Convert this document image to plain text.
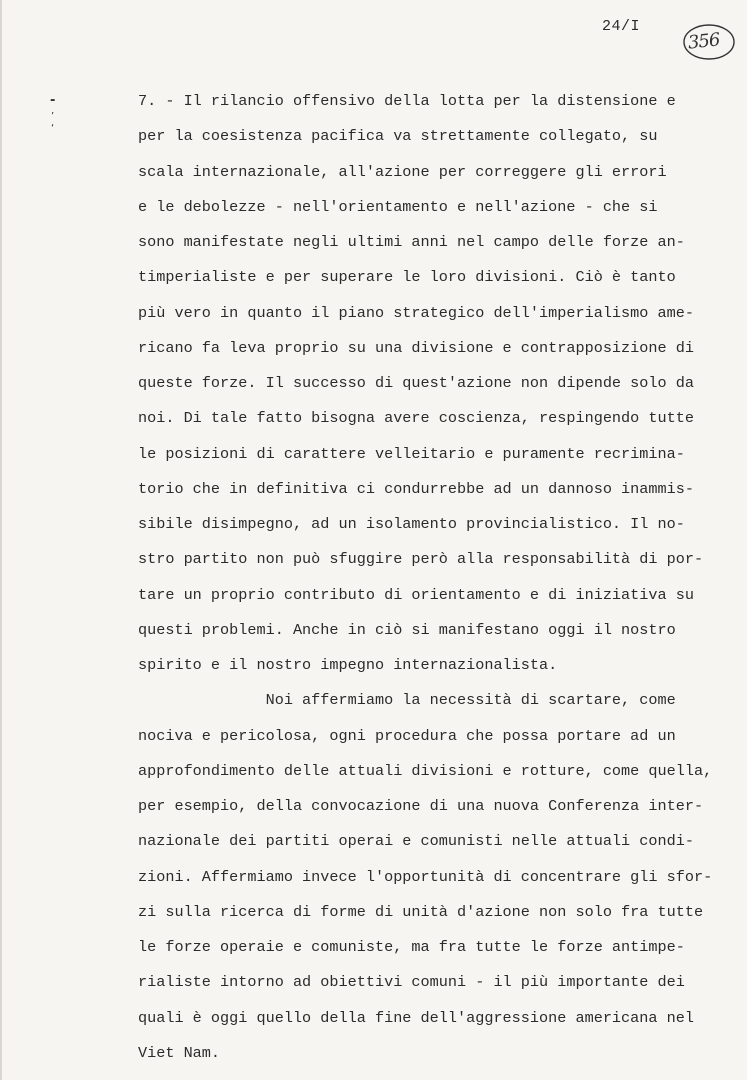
24/I
356
-
’
‘
7. - Il rilancio offensivo della lotta per la distensione e
per la coesistenza pacifica va strettamente collegato, su
scala internazionale, all'azione per correggere gli errori
e le debolezze - nell'orientamento e nell'azione - che si
sono manifestate negli ultimi anni nel campo delle forze an-
timperialiste e per superare le loro divisioni. Ciò è tanto
più vero in quanto il piano strategico dell'imperialismo ame-
ricano fa leva proprio su una divisione e contrapposizione di
queste forze. Il successo di quest'azione non dipende solo da
noi. Di tale fatto bisogna avere coscienza, respingendo tutte
le posizioni di carattere velleitario e puramente recrimina-
torio che in definitiva ci condurrebbe ad un dannoso inammis-
sibile disimpegno, ad un isolamento provincialistico. Il no-
stro partito non può sfuggire però alla responsabilità di por-
tare un proprio contributo di orientamento e di iniziativa su
questi problemi. Anche in ciò si manifestano oggi il nostro
spirito e il nostro impegno internazionalista.
Noi affermiamo la necessità di scartare, come
nociva e pericolosa, ogni procedura che possa portare ad un
approfondimento delle attuali divisioni e rotture, come quella,
per esempio, della convocazione di una nuova Conferenza inter-
nazionale dei partiti operai e comunisti nelle attuali condi-
zioni. Affermiamo invece l'opportunità di concentrare gli sfor-
zi sulla ricerca di forme di unità d'azione non solo fra tutte
le forze operaie e comuniste, ma fra tutte le forze antimpe-
rialiste intorno ad obiettivi comuni - il più importante dei
quali è oggi quello della fine dell'aggressione americana nel
Viet Nam.
